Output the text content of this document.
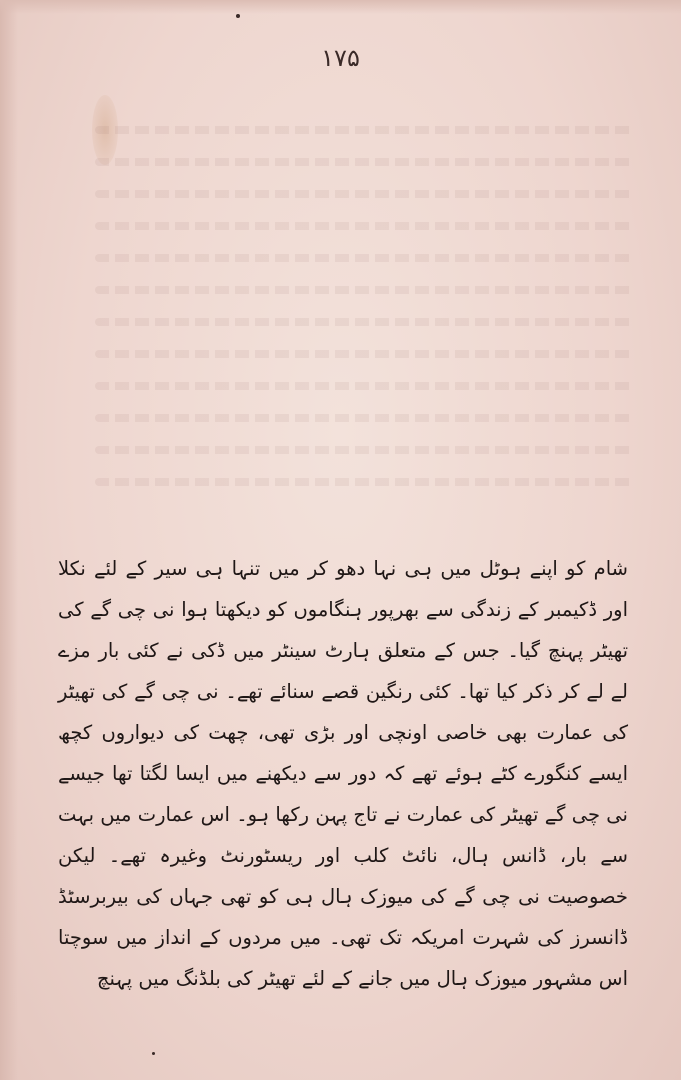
۱۷۵

شام کو اپنے ہوٹل میں ہی نہا دھو کر میں تنہا ہی سیر کے لئے نکلا اور ڈکیمبر کے زندگی سے بھرپور ہنگاموں کو دیکھتا ہوا نی چی گے کی تھیٹر پہنچ گیا۔ جس کے متعلق ہارٹ سینٹر میں ڈکی نے کئی بار مزے لے لے کر ذکر کیا تھا۔ کئی رنگین قصے سنائے تھے۔ نی چی گے کی تھیٹر کی عمارت بھی خاصی اونچی اور بڑی تھی، چھت کی دیواروں کچھ ایسے کنگورے کٹے ہوئے تھے کہ دور سے دیکھنے میں ایسا لگتا تھا جیسے نی چی گے تھیٹر کی عمارت نے تاج پہن رکھا ہو۔ اس عمارت میں بہت سے بار، ڈانس ہال، نائٹ کلب اور ریسٹورنٹ وغیرہ تھے۔ لیکن خصوصیت نی چی گے کی میوزک ہال ہی کو تھی جہاں کی بیربرسٹڈ ڈانسرز کی شہرت امریکہ تک تھی۔ میں مردوں کے انداز میں سوچتا اس مشہور میوزک ہال میں جانے کے لئے تھیٹر کی بلڈنگ میں پہنچ
